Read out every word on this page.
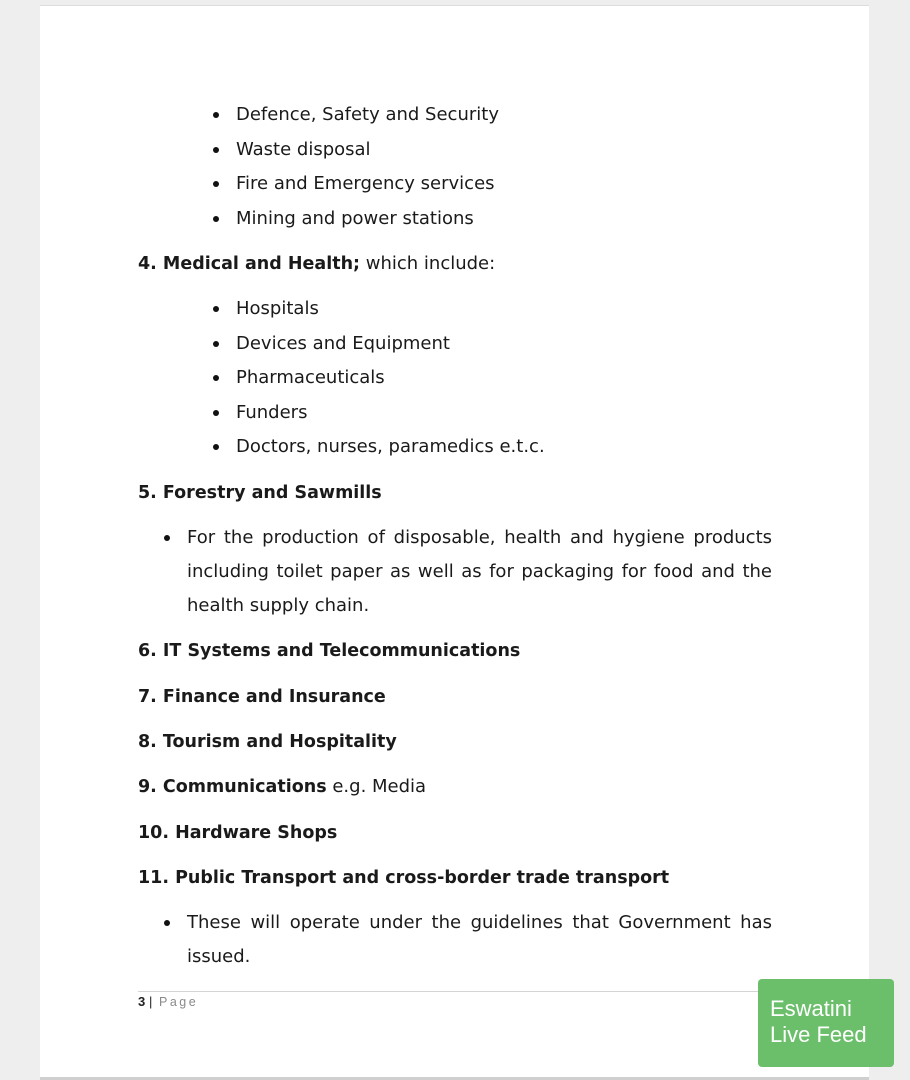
Defence, Safety and Security
Waste disposal
Fire and Emergency services
Mining and power stations
4. Medical and Health; which include:
Hospitals
Devices and Equipment
Pharmaceuticals
Funders
Doctors, nurses, paramedics e.t.c.
5. Forestry and Sawmills
For the production of disposable, health and hygiene products including toilet paper as well as for packaging for food and the health supply chain.
6. IT Systems and Telecommunications
7. Finance and Insurance
8. Tourism and Hospitality
9. Communications e.g. Media
10. Hardware Shops
11. Public Transport and cross-border trade transport
These will operate under the guidelines that Government has issued.
3 | Page	Eswatini
Live Feed
